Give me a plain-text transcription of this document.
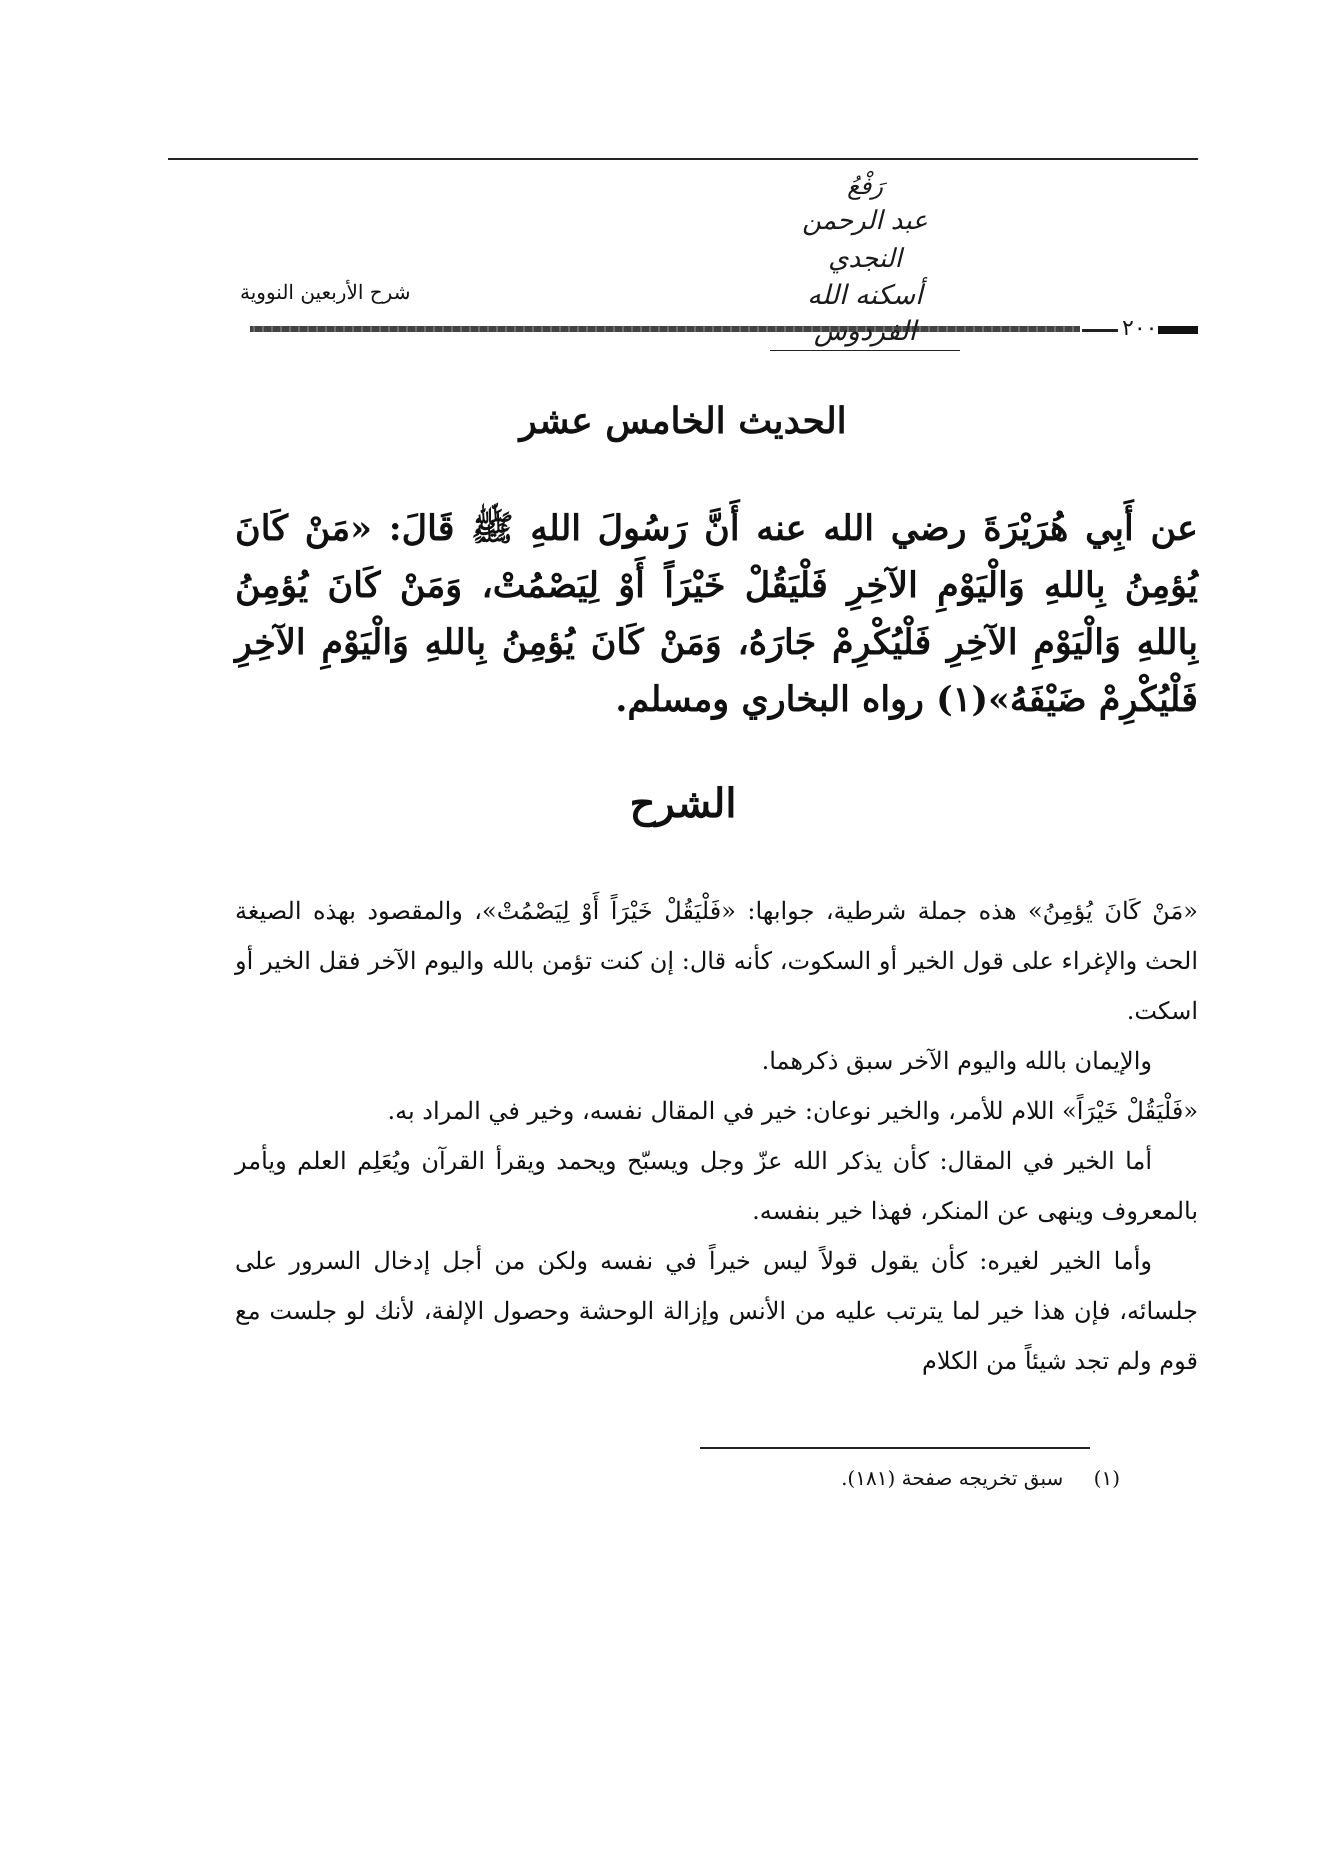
رَفْعُ
عبد الرحمن النجدي
أسكنه الله
شرح الأربعين النووية
٢٠٠
الحديث الخامس عشر
عن أَبِي هُرَيْرَةَ رضي الله عنه أَنَّ رَسُولَ اللهِ ﷺ قَالَ: «مَنْ كَانَ يُؤمِنُ بِاللهِ وَالْيَوْمِ الآخِرِ فَلْيَقُلْ خَيْرَاً أَوْ لِيَصْمُتْ، وَمَنْ كَانَ يُؤمِنُ بِاللهِ وَالْيَوْمِ الآخِرِ فَلْيُكْرِمْ جَارَهُ، وَمَنْ كَانَ يُؤمِنُ بِاللهِ وَالْيَوْمِ الآخِرِ فَلْيُكْرِمْ ضَيْفَهُ»(١) رواه البخاري ومسلم.
الشرح

«مَنْ كَانَ يُؤمِنُ» هذه جملة شرطية، جوابها: «فَلْيَقُلْ خَيْرَاً أَوْ لِيَصْمُتْ»، والمقصود بهذه الصيغة الحث والإغراء على قول الخير أو السكوت، كأنه قال: إن كنت تؤمن بالله واليوم الآخر فقل الخير أو اسكت.

والإيمان بالله واليوم الآخر سبق ذكرهما.

«فَلْيَقُلْ خَيْرَاً» اللام للأمر، والخير نوعان: خير في المقال نفسه، وخير في المراد به.

أما الخير في المقال: كأن يذكر الله عزّ وجل ويسبّح ويحمد ويقرأ القرآن ويُعَلِم العلم ويأمر بالمعروف وينهى عن المنكر، فهذا خير بنفسه.

وأما الخير لغيره: كأن يقول قولاً ليس خيراً في نفسه ولكن من أجل إدخال السرور على جلسائه، فإن هذا خير لما يترتب عليه من الأنس وإزالة الوحشة وحصول الإلفة، لأنك لو جلست مع قوم ولم تجد شيئاً من الكلام

(١) سبق تخريجه صفحة (١٨١).
